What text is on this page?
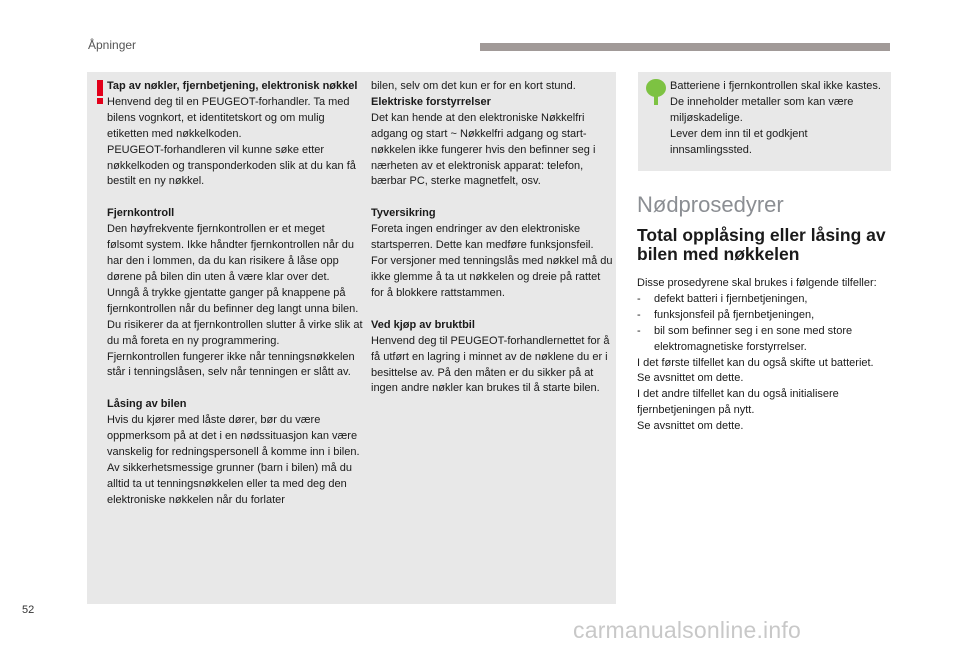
Åpninger

Tap av nøkler, fjernbetjening, elektronisk nøkkel

Henvend deg til en PEUGEOT-forhandler. Ta med bilens vognkort, et identitetskort og om mulig etiketten med nøkkelkoden.

PEUGEOT-forhandleren vil kunne søke etter nøkkelkoden og transponderkoden slik at du kan få bestilt en ny nøkkel.

Fjernkontroll

Den høyfrekvente fjernkontrollen er et meget følsomt system. Ikke håndter fjernkontrollen når du har den i lommen, da du kan risikere å låse opp dørene på bilen din uten å være klar over det.

Unngå å trykke gjentatte ganger på knappene på fjernkontrollen når du befinner deg langt unna bilen. Du risikerer da at fjernkontrollen slutter å virke slik at du må foreta en ny programmering.

Fjernkontrollen fungerer ikke når tenningsnøkkelen står i tenningslåsen, selv når tenningen er slått av.

Låsing av bilen

Hvis du kjører med låste dører, bør du være oppmerksom på at det i en nødssituasjon kan være vanskelig for redningspersonell å komme inn i bilen.

Av sikkerhetsmessige grunner (barn i bilen) må du alltid ta ut tenningsnøkkelen eller ta med deg den elektroniske nøkkelen når du forlater

bilen, selv om det kun er for en kort stund.

Elektriske forstyrrelser

Det kan hende at den elektroniske Nøkkelfri adgang og start ~ Nøkkelfri adgang og start-nøkkelen ikke fungerer hvis den befinner seg i nærheten av et elektronisk apparat: telefon, bærbar PC, sterke magnetfelt, osv.

Tyversikring

Foreta ingen endringer av den elektroniske startsperren. Dette kan medføre funksjonsfeil.

For versjoner med tenningslås med nøkkel må du ikke glemme å ta ut nøkkelen og dreie på rattet for å blokkere rattstammen.

Ved kjøp av bruktbil

Henvend deg til PEUGEOT-forhandlernettet for å få utført en lagring i minnet av de nøklene du er i besittelse av. På den måten er du sikker på at ingen andre nøkler kan brukes til å starte bilen.

Batteriene i fjernkontrollen skal ikke kastes. De inneholder metaller som kan være miljøskadelige.

Lever dem inn til et godkjent innsamlingssted.

Nødprosedyrer
Total opplåsing eller låsing av bilen med nøkkelen

Disse prosedyrene skal brukes i følgende tilfeller:

- defekt batteri i fjernbetjeningen,
- funksjonsfeil på fjernbetjeningen,
- bil som befinner seg i en sone med store elektromagnetiske forstyrrelser.

I det første tilfellet kan du også skifte ut batteriet.

Se avsnittet om dette.

I det andre tilfellet kan du også initialisere fjernbetjeningen på nytt.

Se avsnittet om dette.

52
carmanualsonline.info
